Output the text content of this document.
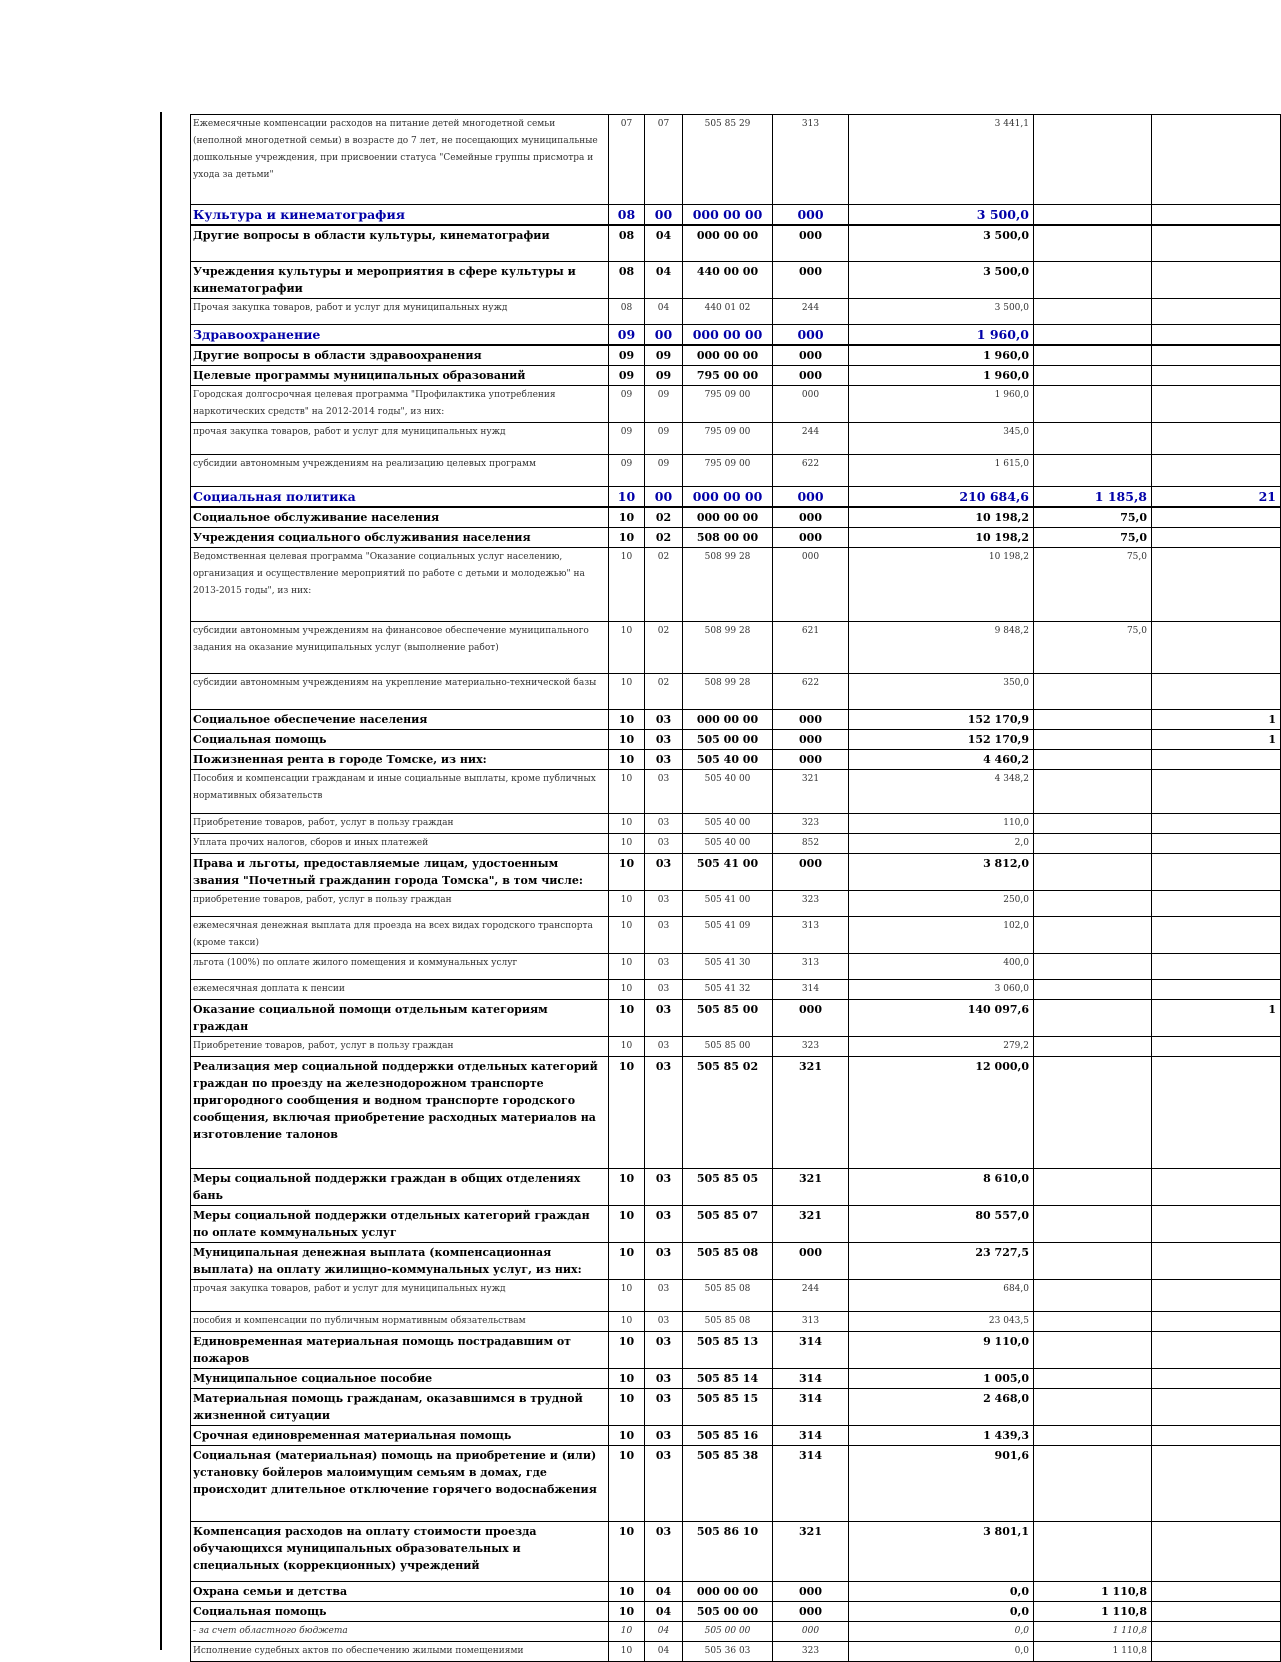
Ежемесячные компенсации расходов на питание детей многодетной семьи (неполной многодетной семьи) в возрасте до 7 лет, не посещающих муниципальные дошкольные учреждения, при присвоении статуса "Семейные группы присмотра и ухода за детьми"	07	07	505 85 29	313	3 441,1		
Культура и кинематография	08	00	000 00 00	000	3 500,0		
Другие вопросы в области культуры, кинематографии	08	04	000 00 00	000	3 500,0		
Учреждения культуры и мероприятия в сфере культуры и кинематографии	08	04	440 00 00	000	3 500,0		
Прочая закупка товаров, работ и услуг для муниципальных нужд	08	04	440 01 02	244	3 500,0		
Здравоохранение	09	00	000 00 00	000	1 960,0		
Другие вопросы в области здравоохранения	09	09	000 00 00	000	1 960,0		
Целевые программы муниципальных образований	09	09	795 00 00	000	1 960,0		
Городская долгосрочная целевая программа "Профилактика употребления наркотических средств" на 2012-2014 годы", из них:	09	09	795 09 00	000	1 960,0		
прочая закупка товаров, работ и услуг для муниципальных нужд	09	09	795 09 00	244	345,0		
субсидии автономным учреждениям на реализацию целевых программ	09	09	795 09 00	622	1 615,0		
Социальная политика	10	00	000 00 00	000	210 684,6	1 185,8	21
Социальное обслуживание населения	10	02	000 00 00	000	10 198,2	75,0	
Учреждения социального обслуживания населения	10	02	508 00 00	000	10 198,2	75,0	
Ведомственная целевая программа "Оказание социальных услуг населению, организация и осуществление мероприятий по работе с детьми и молодежью" на 2013-2015 годы", из них:	10	02	508 99 28	000	10 198,2	75,0	
субсидии автономным учреждениям на финансовое обеспечение муниципального задания на оказание муниципальных услуг (выполнение работ)	10	02	508 99 28	621	9 848,2	75,0	
субсидии автономным учреждениям на укрепление материально-технической базы	10	02	508 99 28	622	350,0		
Социальное обеспечение населения	10	03	000 00 00	000	152 170,9		1
Социальная помощь	10	03	505 00 00	000	152 170,9		1
Пожизненная рента в городе Томске, из них:	10	03	505 40 00	000	4 460,2		
Пособия и компенсации гражданам и иные социальные выплаты, кроме публичных нормативных обязательств	10	03	505 40 00	321	4 348,2		
Приобретение товаров, работ, услуг в пользу граждан	10	03	505 40 00	323	110,0		
Уплата прочих налогов, сборов и иных платежей	10	03	505 40 00	852	2,0		
Права и льготы, предоставляемые лицам, удостоенным звания "Почетный гражданин города Томска", в том числе:	10	03	505 41 00	000	3 812,0		
приобретение товаров, работ, услуг в пользу граждан	10	03	505 41 00	323	250,0		
ежемесячная денежная выплата для проезда на всех видах городского транспорта (кроме такси)	10	03	505 41 09	313	102,0		
льгота (100%) по оплате жилого помещения и коммунальных услуг	10	03	505 41 30	313	400,0		
ежемесячная доплата к пенсии	10	03	505 41 32	314	3 060,0		
Оказание социальной помощи отдельным категориям граждан	10	03	505 85 00	000	140 097,6		1
Приобретение товаров, работ, услуг в пользу граждан	10	03	505 85 00	323	279,2		
Реализация мер социальной поддержки отдельных категорий граждан по проезду на железнодорожном транспорте пригородного сообщения и водном транспорте городского сообщения, включая приобретение расходных материалов на изготовление талонов	10	03	505 85 02	321	12 000,0		
Меры социальной поддержки граждан в общих отделениях бань	10	03	505 85 05	321	8 610,0		
Меры социальной поддержки отдельных категорий граждан по оплате коммунальных услуг	10	03	505 85 07	321	80 557,0		
Муниципальная денежная выплата (компенсационная выплата) на оплату жилищно-коммунальных услуг, из них:	10	03	505 85 08	000	23 727,5		
прочая закупка товаров, работ и услуг для муниципальных нужд	10	03	505 85 08	244	684,0		
пособия и компенсации по публичным нормативным обязательствам	10	03	505 85 08	313	23 043,5		
Единовременная материальная помощь пострадавшим от пожаров	10	03	505 85 13	314	9 110,0		
Муниципальное социальное пособие	10	03	505 85 14	314	1 005,0		
Материальная помощь гражданам, оказавшимся в трудной жизненной ситуации	10	03	505 85 15	314	2 468,0		
Срочная единовременная материальная помощь	10	03	505 85 16	314	1 439,3		
Социальная (материальная) помощь на приобретение и (или) установку бойлеров малоимущим семьям в домах, где происходит длительное отключение горячего водоснабжения	10	03	505 85 38	314	901,6		
Компенсация расходов на оплату стоимости проезда обучающихся муниципальных образовательных и специальных (коррекционных) учреждений	10	03	505 86 10	321	3 801,1		
Охрана семьи и детства	10	04	000 00 00	000	0,0	1 110,8	
Социальная помощь	10	04	505 00 00	000	0,0	1 110,8	
- за счет областного бюджета	10	04	505 00 00	000	0,0	1 110,8	
Исполнение судебных актов по обеспечению жилыми помещениями	10	04	505 36 03	323	0,0	1 110,8	
